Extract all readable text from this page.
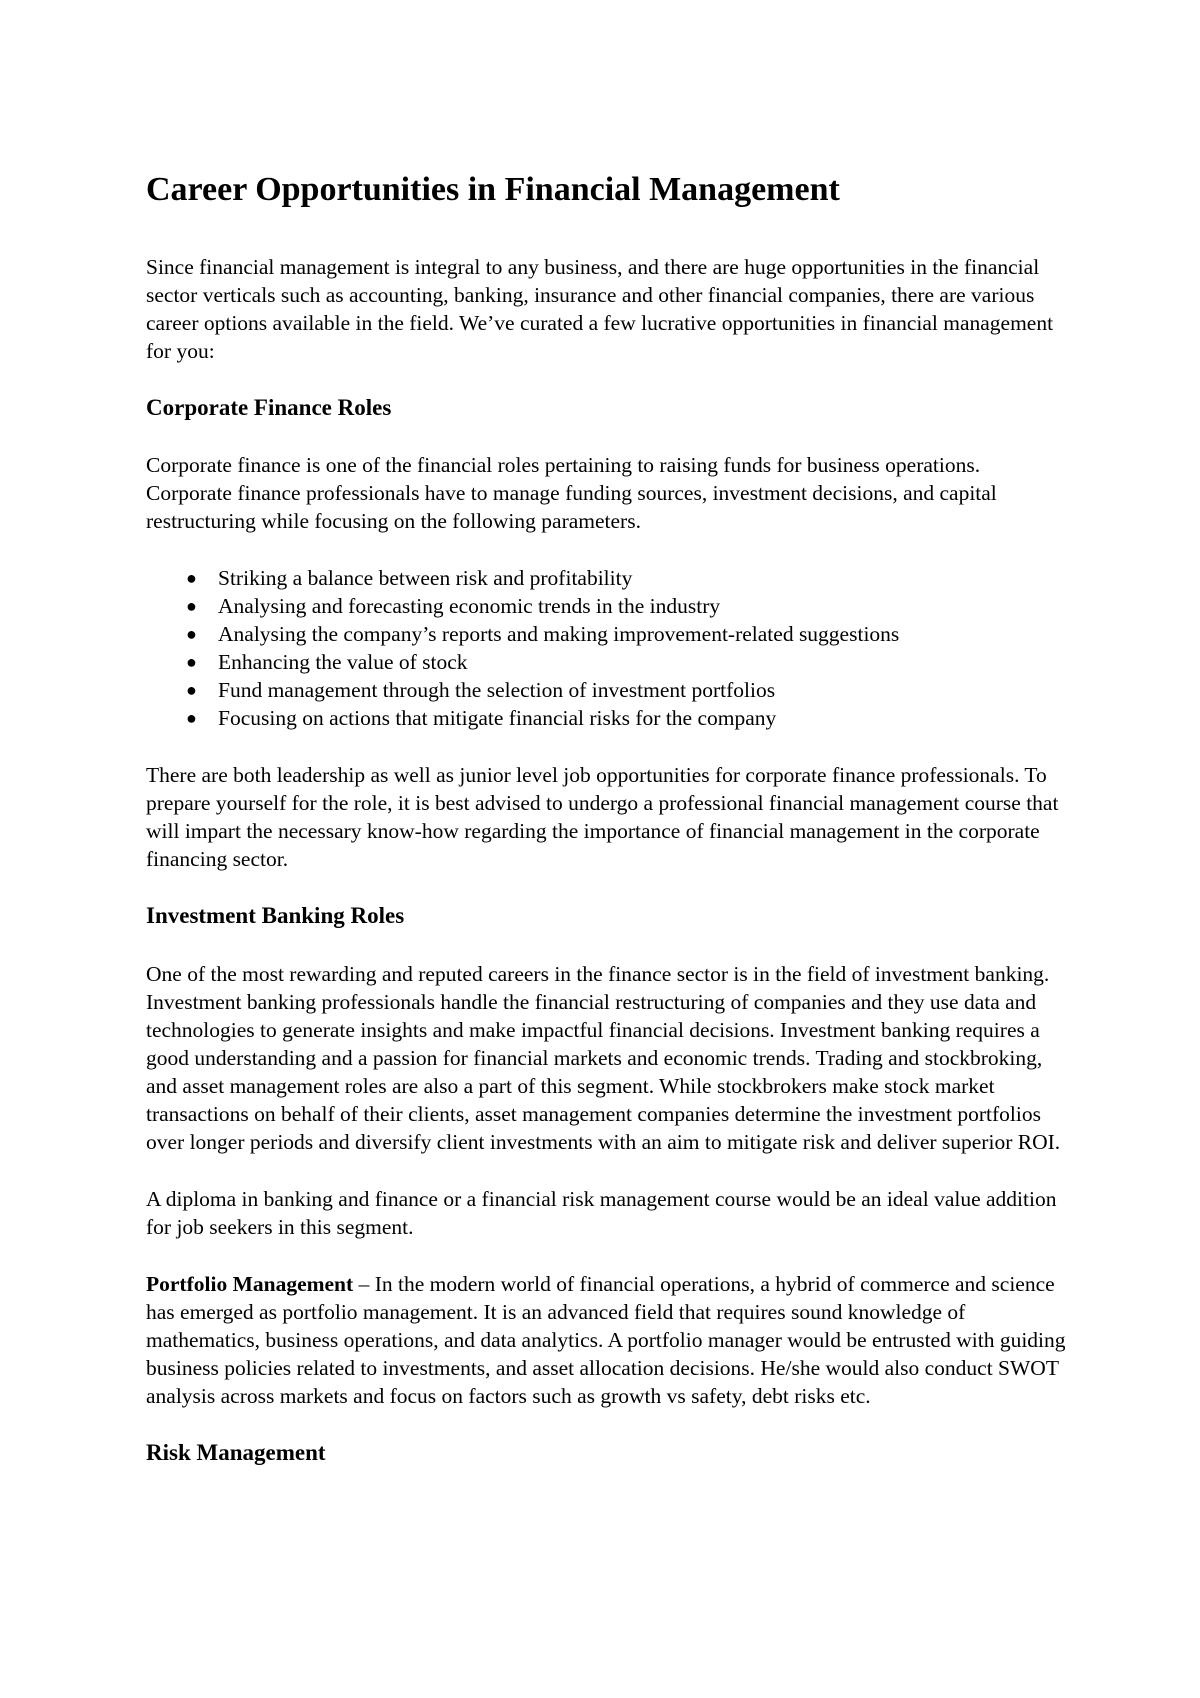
Career Opportunities in Financial Management

Since financial management is integral to any business, and there are huge opportunities in the financial sector verticals such as accounting, banking, insurance and other financial companies, there are various career options available in the field. We’ve curated a few lucrative opportunities in financial management for you:

Corporate Finance Roles

Corporate finance is one of the financial roles pertaining to raising funds for business operations. Corporate finance professionals have to manage funding sources, investment decisions, and capital restructuring while focusing on the following parameters.

● Striking a balance between risk and profitability
● Analysing and forecasting economic trends in the industry
● Analysing the company’s reports and making improvement-related suggestions
● Enhancing the value of stock
● Fund management through the selection of investment portfolios
● Focusing on actions that mitigate financial risks for the company

There are both leadership as well as junior level job opportunities for corporate finance professionals. To prepare yourself for the role, it is best advised to undergo a professional financial management course that will impart the necessary know-how regarding the importance of financial management in the corporate financing sector.

Investment Banking Roles

One of the most rewarding and reputed careers in the finance sector is in the field of investment banking. Investment banking professionals handle the financial restructuring of companies and they use data and technologies to generate insights and make impactful financial decisions. Investment banking requires a good understanding and a passion for financial markets and economic trends. Trading and stockbroking, and asset management roles are also a part of this segment. While stockbrokers make stock market transactions on behalf of their clients, asset management companies determine the investment portfolios over longer periods and diversify client investments with an aim to mitigate risk and deliver superior ROI.

A diploma in banking and finance or a financial risk management course would be an ideal value addition for job seekers in this segment.

Portfolio Management – In the modern world of financial operations, a hybrid of commerce and science has emerged as portfolio management. It is an advanced field that requires sound knowledge of mathematics, business operations, and data analytics. A portfolio manager would be entrusted with guiding business policies related to investments, and asset allocation decisions. He/she would also conduct SWOT analysis across markets and focus on factors such as growth vs safety, debt risks etc.

Risk Management
